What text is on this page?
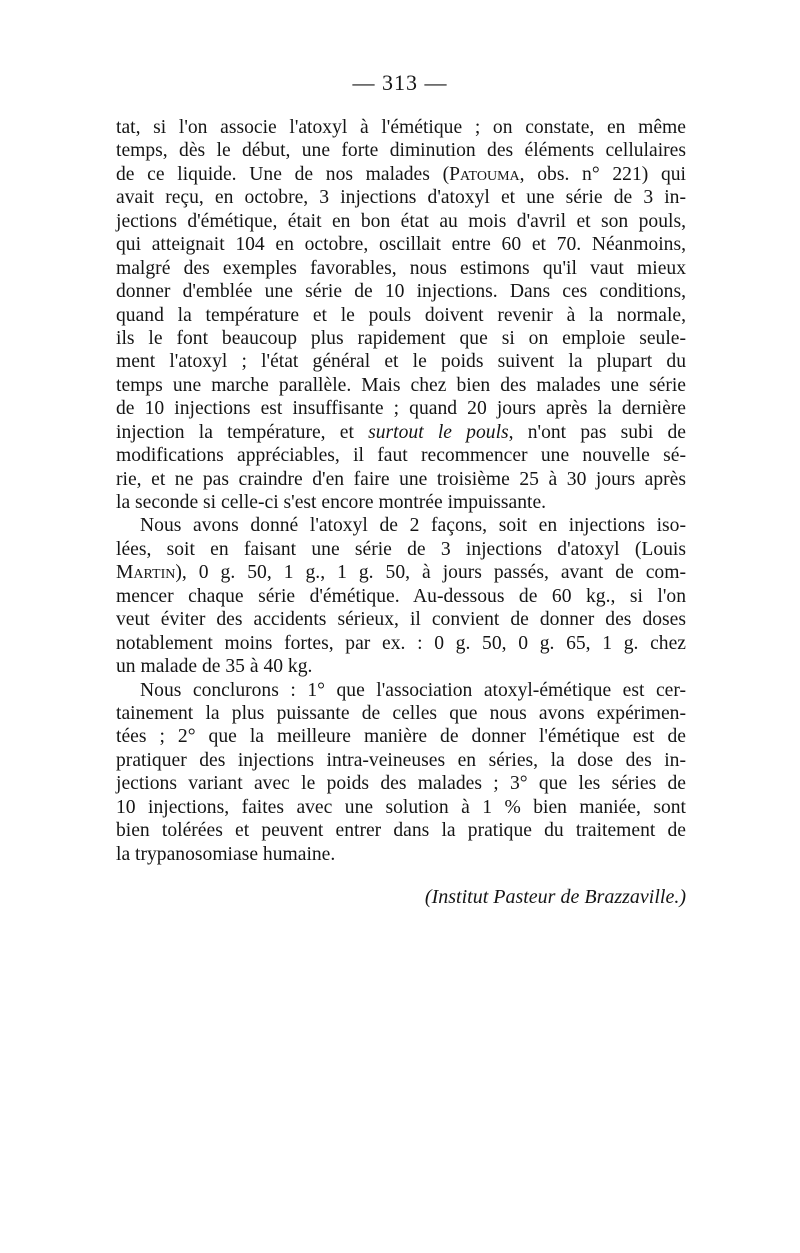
— 313 —
tat, si l'on associe l'atoxyl à l'émétique ; on constate, en même
temps, dès le début, une forte diminution des éléments cellulaires
de ce liquide. Une de nos malades (Patouma, obs. n° 221) qui
avait reçu, en octobre, 3 injections d'atoxyl et une série de 3 in-
jections d'émétique, était en bon état au mois d'avril et son pouls,
qui atteignait 104 en octobre, oscillait entre 60 et 70. Néanmoins,
malgré des exemples favorables, nous estimons qu'il vaut mieux
donner d'emblée une série de 10 injections. Dans ces conditions,
quand la température et le pouls doivent revenir à la normale,
ils le font beaucoup plus rapidement que si on emploie seule-
ment l'atoxyl ; l'état général et le poids suivent la plupart du
temps une marche parallèle. Mais chez bien des malades une série
de 10 injections est insuffisante ; quand 20 jours après la dernière
injection la température, et surtout le pouls, n'ont pas subi de
modifications appréciables, il faut recommencer une nouvelle sé-
rie, et ne pas craindre d'en faire une troisième 25 à 30 jours après
la seconde si celle-ci s'est encore montrée impuissante.
Nous avons donné l'atoxyl de 2 façons, soit en injections iso-
lées, soit en faisant une série de 3 injections d'atoxyl (Louis
Martin), 0 g. 50, 1 g., 1 g. 50, à jours passés, avant de com-
mencer chaque série d'émétique. Au-dessous de 60 kg., si l'on
veut éviter des accidents sérieux, il convient de donner des doses
notablement moins fortes, par ex. : 0 g. 50, 0 g. 65, 1 g. chez
un malade de 35 à 40 kg.
Nous conclurons : 1° que l'association atoxyl-émétique est cer-
tainement la plus puissante de celles que nous avons expérimen-
tées ; 2° que la meilleure manière de donner l'émétique est de
pratiquer des injections intra-veineuses en séries, la dose des in-
jections variant avec le poids des malades ; 3° que les séries de
10 injections, faites avec une solution à 1 % bien maniée, sont
bien tolérées et peuvent entrer dans la pratique du traitement de
la trypanosomiase humaine.
(Institut Pasteur de Brazzaville.)
